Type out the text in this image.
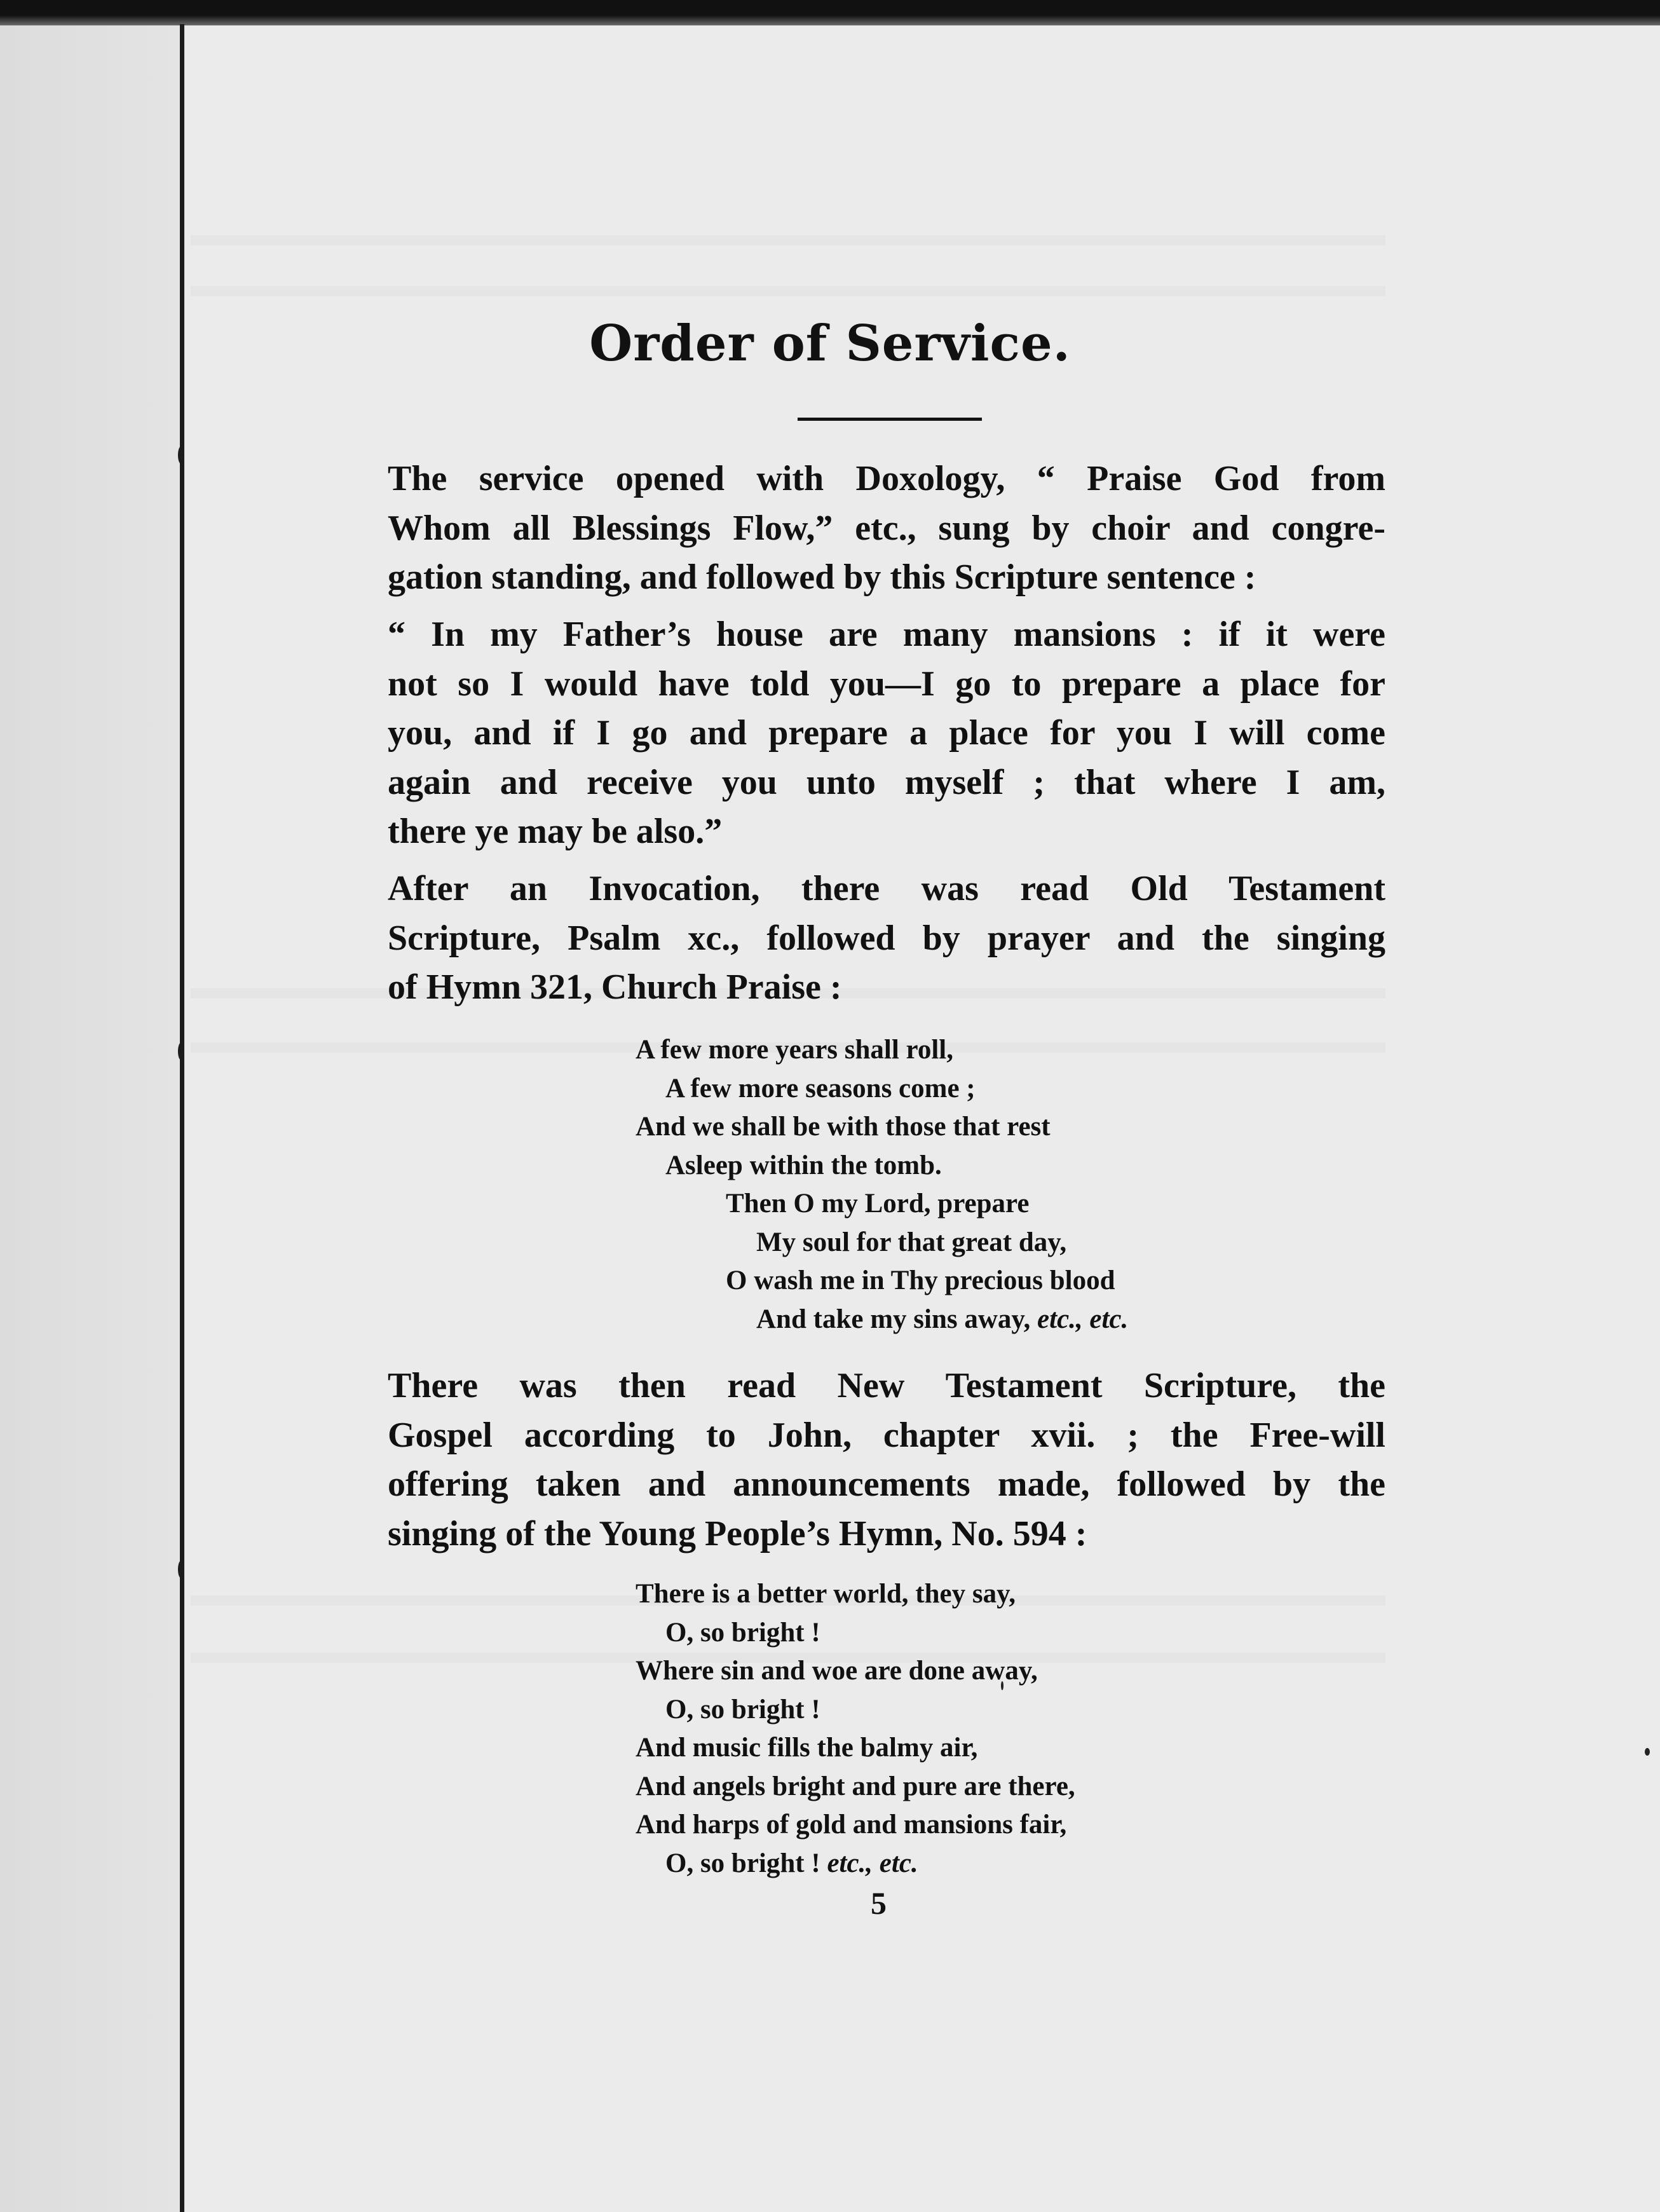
Order of Service.
The service opened with Doxology, “ Praise God from
Whom all Blessings Flow,” etc., sung by choir and congre-
gation standing, and followed by this Scripture sentence :
“ In my Father’s house are many mansions : if it were
not so I would have told you—I go to prepare a place for
you, and if I go and prepare a place for you I will come
again and receive you unto myself ; that where I am,
there ye may be also.”
After an Invocation, there was read Old Testament
Scripture, Psalm xc., followed by prayer and the singing
of Hymn 321, Church Praise :
A few more years shall roll,
A few more seasons come ;
And we shall be with those that rest
Asleep within the tomb.
Then O my Lord, prepare
My soul for that great day,
O wash me in Thy precious blood
And take my sins away, etc., etc.
There was then read New Testament Scripture, the
Gospel according to John, chapter xvii. ; the Free-will
offering taken and announcements made, followed by the
singing of the Young People’s Hymn, No. 594 :
There is a better world, they say,
O, so bright !
Where sin and woe are done away,
O, so bright !
And music fills the balmy air,
And angels bright and pure are there,
And harps of gold and mansions fair,
O, so bright ! etc., etc.
5
